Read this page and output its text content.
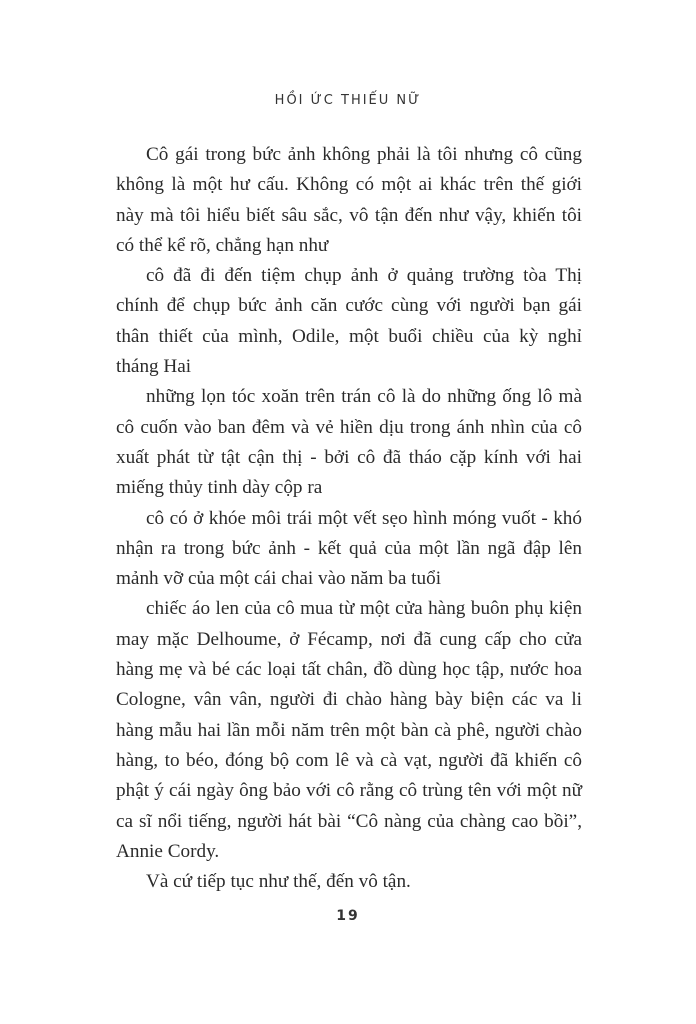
HỒI ỨC THIẾU NỮ

Cô gái trong bức ảnh không phải là tôi nhưng cô cũng không là một hư cấu. Không có một ai khác trên thế giới này mà tôi hiểu biết sâu sắc, vô tận đến như vậy, khiến tôi có thể kể rõ, chẳng hạn như

cô đã đi đến tiệm chụp ảnh ở quảng trường tòa Thị chính để chụp bức ảnh căn cước cùng với người bạn gái thân thiết của mình, Odile, một buổi chiều của kỳ nghỉ tháng Hai

những lọn tóc xoăn trên trán cô là do những ống lô mà cô cuốn vào ban đêm và vẻ hiền dịu trong ánh nhìn của cô xuất phát từ tật cận thị - bởi cô đã tháo cặp kính với hai miếng thủy tinh dày cộp ra

cô có ở khóe môi trái một vết sẹo hình móng vuốt - khó nhận ra trong bức ảnh - kết quả của một lần ngã đập lên mảnh vỡ của một cái chai vào năm ba tuổi

chiếc áo len của cô mua từ một cửa hàng buôn phụ kiện may mặc Delhoume, ở Fécamp, nơi đã cung cấp cho cửa hàng mẹ và bé các loại tất chân, đồ dùng học tập, nước hoa Cologne, vân vân, người đi chào hàng bày biện các va li hàng mẫu hai lần mỗi năm trên một bàn cà phê, người chào hàng, to béo, đóng bộ com lê và cà vạt, người đã khiến cô phật ý cái ngày ông bảo với cô rằng cô trùng tên với một nữ ca sĩ nổi tiếng, người hát bài “Cô nàng của chàng cao bồi”, Annie Cordy.

Và cứ tiếp tục như thế, đến vô tận.

19
